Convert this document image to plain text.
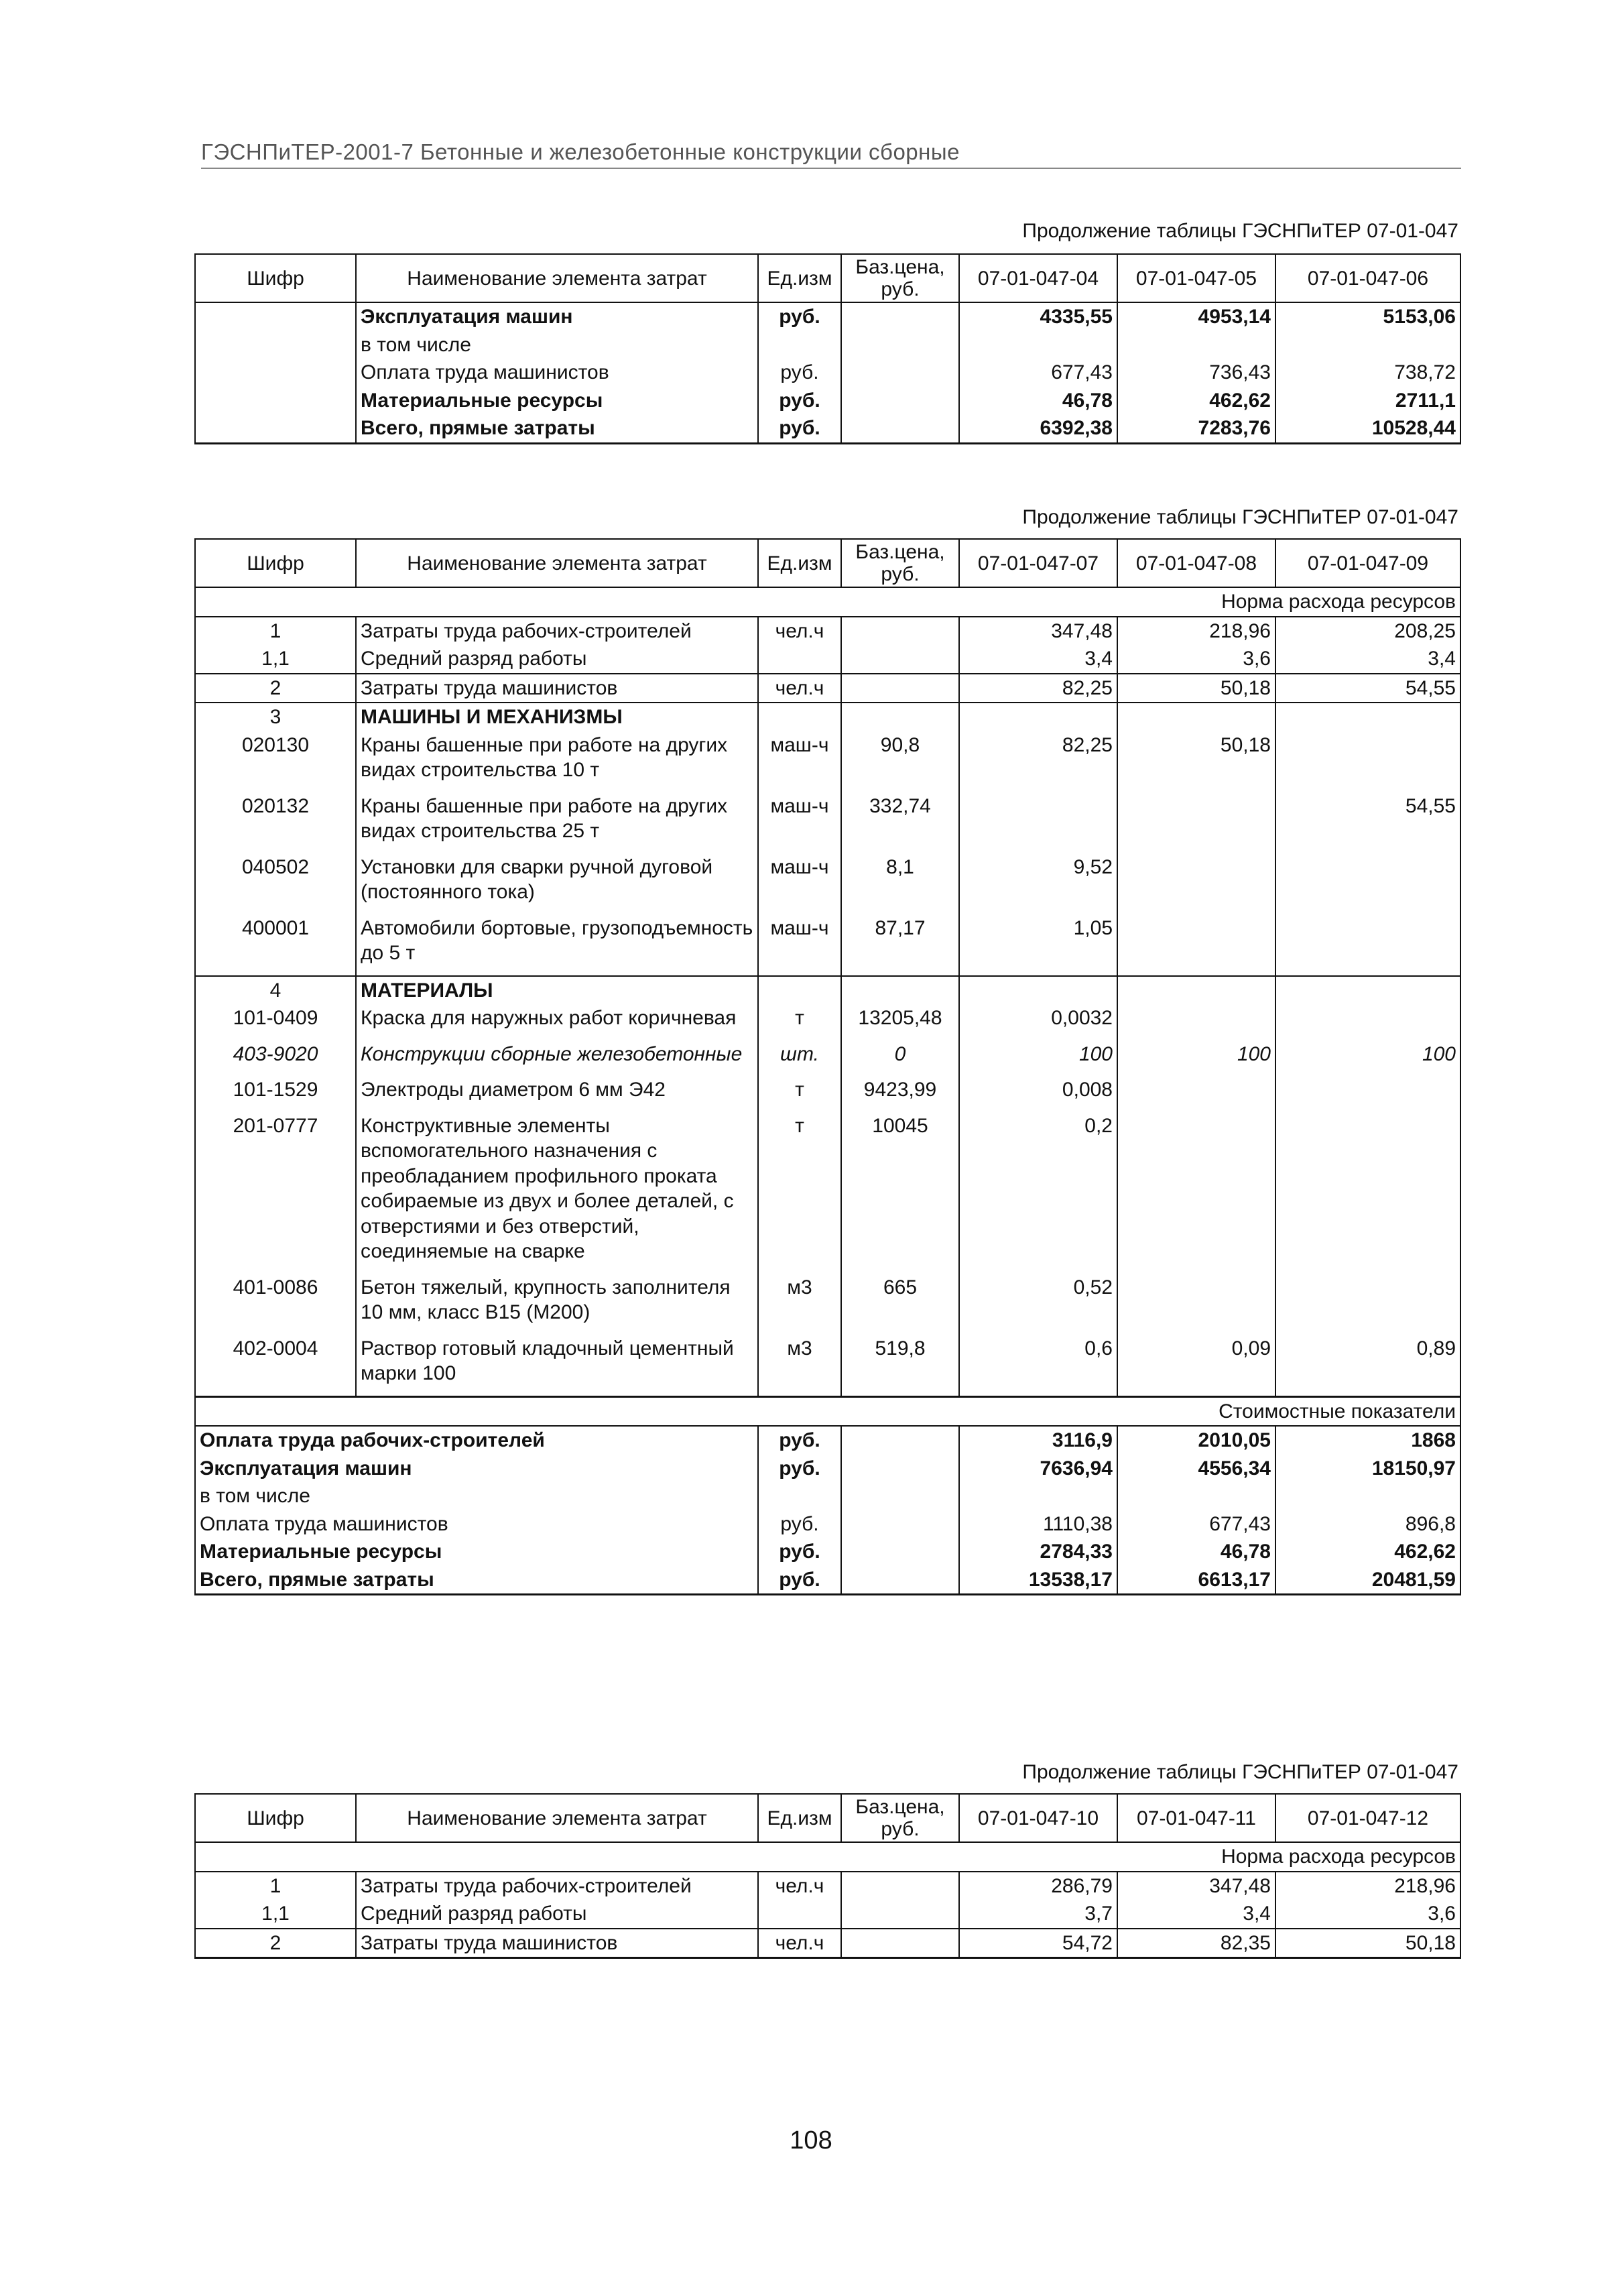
ГЭСНПиТЕР-2001-7 Бетонные и железобетонные конструкции сборные
Продолжение таблицы ГЭСНПиТЕР 07-01-047
Шифр	Наименование элемента затрат	Ед.изм	Баз.цена, руб.	07-01-047-04	07-01-047-05	07-01-047-06
	Эксплуатация машин	руб.		4335,55	4953,14	5153,06
	в том числе					
	Оплата труда машинистов	руб.		677,43	736,43	738,72
	Материальные ресурсы	руб.		46,78	462,62	2711,1
	Всего, прямые затраты	руб.		6392,38	7283,76	10528,44
Продолжение таблицы ГЭСНПиТЕР 07-01-047
Шифр	Наименование элемента затрат	Ед.изм	Баз.цена, руб.	07-01-047-07	07-01-047-08	07-01-047-09
Норма расхода ресурсов						
1	Затраты труда рабочих-строителей	чел.ч		347,48	218,96	208,25
1,1	Средний разряд работы			3,4	3,6	3,4
2	Затраты труда машинистов	чел.ч		82,25	50,18	54,55
3	МАШИНЫ И МЕХАНИЗМЫ					
020130	Краны башенные при работе на других видах строительства 10 т	маш-ч	90,8	82,25	50,18	
020132	Краны башенные при работе на других видах строительства 25 т	маш-ч	332,74			54,55
040502	Установки для сварки ручной дуговой (постоянного тока)	маш-ч	8,1	9,52		
400001	Автомобили бортовые, грузоподъемность до 5 т	маш-ч	87,17	1,05		
4	МАТЕРИАЛЫ					
101-0409	Краска для наружных работ коричневая	т	13205,48	0,0032		
403-9020	Конструкции сборные железобетонные	шт.	0	100	100	100
101-1529	Электроды диаметром 6 мм Э42	т	9423,99	0,008		
201-0777	Конструктивные элементы вспомогательного назначения с преобладанием профильного проката собираемые из двух и более деталей, с отверстиями и без отверстий, соединяемые на сварке	т	10045	0,2		
401-0086	Бетон тяжелый, крупность заполнителя 10 мм, класс В15 (М200)	м3	665	0,52		
402-0004	Раствор готовый кладочный цементный марки 100	м3	519,8	0,6	0,09	0,89
Стоимостные показатели						
Оплата труда рабочих-строителей		руб.		3116,9	2010,05	1868
Эксплуатация машин		руб.		7636,94	4556,34	18150,97
в том числе						
Оплата труда машинистов		руб.		1110,38	677,43	896,8
Материальные ресурсы		руб.		2784,33	46,78	462,62
Всего, прямые затраты		руб.		13538,17	6613,17	20481,59
Продолжение таблицы ГЭСНПиТЕР 07-01-047
Шифр	Наименование элемента затрат	Ед.изм	Баз.цена, руб.	07-01-047-10	07-01-047-11	07-01-047-12
Норма расхода ресурсов						
1	Затраты труда рабочих-строителей	чел.ч		286,79	347,48	218,96
1,1	Средний разряд работы			3,7	3,4	3,6
2	Затраты труда машинистов	чел.ч		54,72	82,35	50,18
108
